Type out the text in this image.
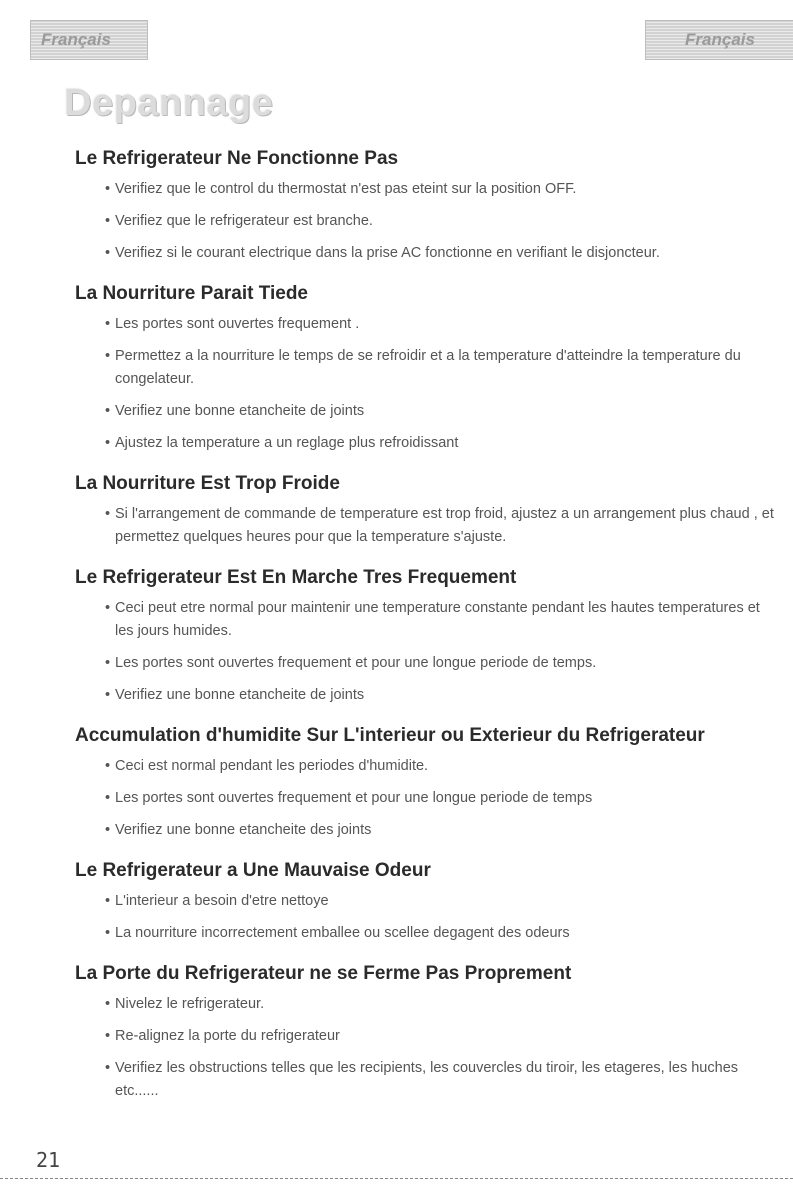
Français	Français
Depannage
Le Refrigerateur Ne Fonctionne Pas
• Verifiez que le control du thermostat n'est pas eteint sur la position OFF.
• Verifiez que le refrigerateur est branche.
• Verifiez si le courant electrique dans la prise AC fonctionne en verifiant le disjoncteur.
La Nourriture Parait Tiede
• Les portes sont ouvertes frequement .
• Permettez a la nourriture le temps de se refroidir et a la temperature d'atteindre la temperature du congelateur.
• Verifiez une bonne etancheite de joints
• Ajustez la temperature a un reglage plus refroidissant
La Nourriture Est Trop Froide
• Si l'arrangement de commande de temperature est trop froid, ajustez a un arrangement plus chaud , et permettez quelques heures pour que la temperature s'ajuste.
Le Refrigerateur Est En Marche Tres Frequement
• Ceci peut etre normal pour maintenir une temperature constante pendant les hautes temperatures et les jours humides.
• Les portes sont ouvertes frequement et pour une longue periode de temps.
• Verifiez une bonne etancheite de joints
Accumulation d'humidite Sur L'interieur ou Exterieur du Refrigerateur
• Ceci est normal pendant les periodes d'humidite.
• Les portes sont ouvertes frequement et pour une longue periode de temps
• Verifiez une bonne etancheite des joints
Le Refrigerateur a Une Mauvaise Odeur
• L'interieur a besoin d'etre nettoye
• La nourriture incorrectement emballee ou scellee degagent des odeurs
La Porte du Refrigerateur ne se Ferme Pas Proprement
• Nivelez le refrigerateur.
• Re-alignez la porte du refrigerateur
• Verifiez les obstructions telles que les recipients, les couvercles du tiroir, les etageres, les huches etc......
21
